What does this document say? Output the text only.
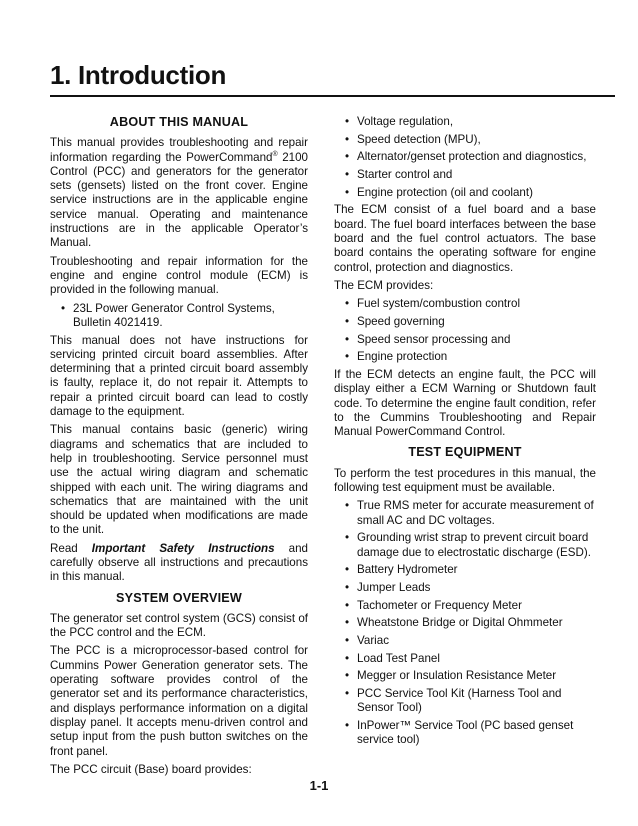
1. Introduction
ABOUT THIS MANUAL

This manual provides troubleshooting and repair information regarding the PowerCommand® 2100 Control (PCC) and generators for the generator sets (gensets) listed on the front cover. Engine service instructions are in the applicable engine service manual. Operating and maintenance instructions are in the applicable Operator’s Manual.

Troubleshooting and repair information for the engine and engine control module (ECM) is provided in the following manual.

• 23L Power Generator Control Systems, Bulletin 4021419.

This manual does not have instructions for servicing printed circuit board assemblies. After determining that a printed circuit board assembly is faulty, replace it, do not repair it. Attempts to repair a printed circuit board can lead to costly damage to the equipment.

This manual contains basic (generic) wiring diagrams and schematics that are included to help in troubleshooting. Service personnel must use the actual wiring diagram and schematic shipped with each unit. The wiring diagrams and schematics that are maintained with the unit should be updated when modifications are made to the unit.

Read Important Safety Instructions and carefully observe all instructions and precautions in this manual.

SYSTEM OVERVIEW

The generator set control system (GCS) consist of the PCC control and the ECM.

The PCC is a microprocessor-based control for Cummins Power Generation generator sets. The operating software provides control of the generator set and its performance characteristics, and displays performance information on a digital display panel. It accepts menu-driven control and setup input from the push button switches on the front panel.

The PCC circuit (Base) board provides:

• Voltage regulation,
• Speed detection (MPU),
• Alternator/genset protection and diagnostics,
• Starter control and
• Engine protection (oil and coolant)

The ECM consist of a fuel board and a base board. The fuel board interfaces between the base board and the fuel control actuators. The base board contains the operating software for engine control, protection and diagnostics.

The ECM provides:

• Fuel system/combustion control
• Speed governing
• Speed sensor processing and
• Engine protection

If the ECM detects an engine fault, the PCC will display either a ECM Warning or Shutdown fault code. To determine the engine fault condition, refer to the Cummins Troubleshooting and Repair Manual PowerCommand Control.

TEST EQUIPMENT

To perform the test procedures in this manual, the following test equipment must be available.

• True RMS meter for accurate measurement of small AC and DC voltages.
• Grounding wrist strap to prevent circuit board damage due to electrostatic discharge (ESD).
• Battery Hydrometer
• Jumper Leads
• Tachometer or Frequency Meter
• Wheatstone Bridge or Digital Ohmmeter
• Variac
• Load Test Panel
• Megger or Insulation Resistance Meter
• PCC Service Tool Kit (Harness Tool and Sensor Tool)
• InPower™ Service Tool (PC based genset service tool)
1-1
